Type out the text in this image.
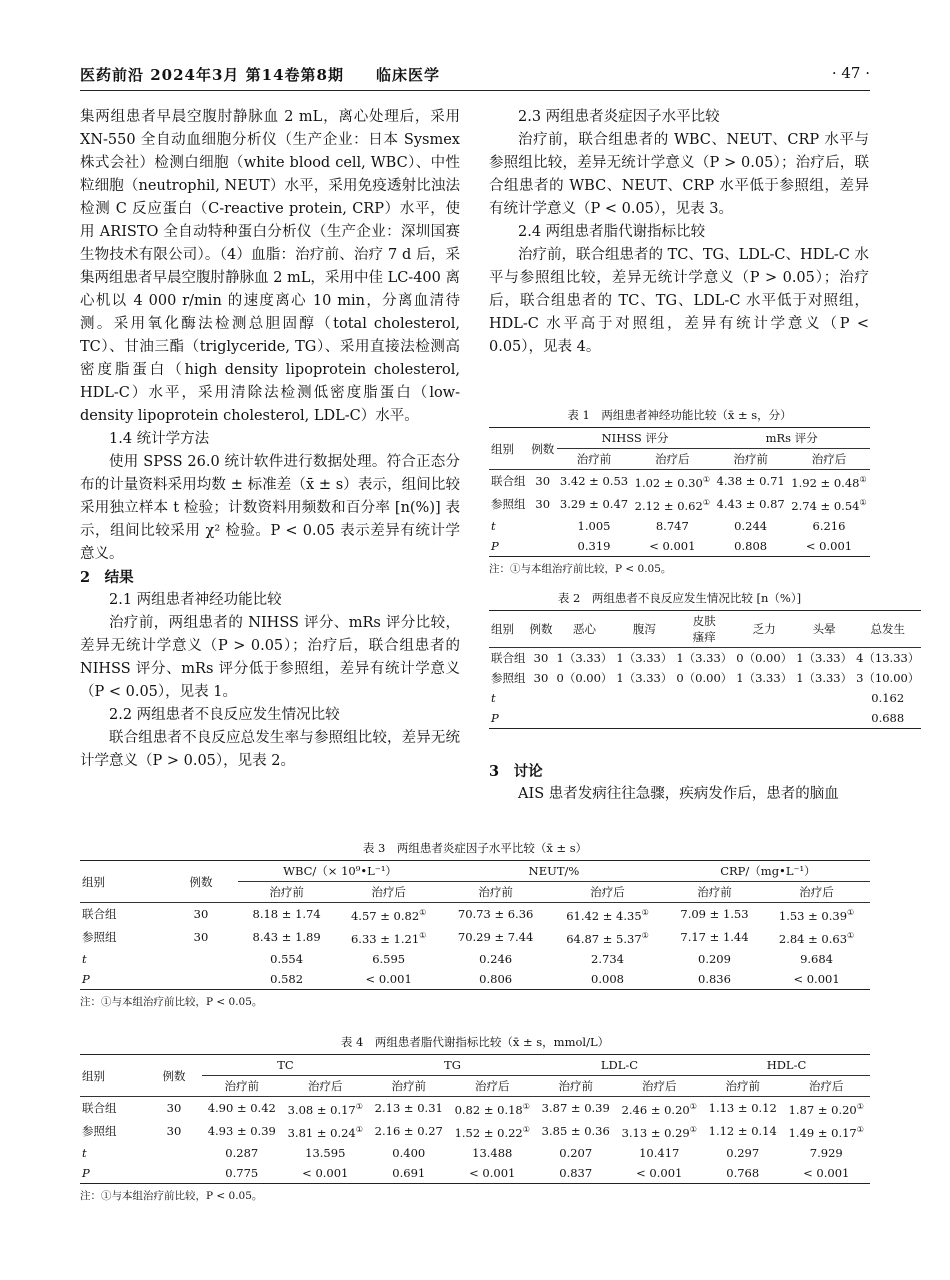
医药前沿 2024年3月 第14卷第8期　　临床医学	· 47 ·

集两组患者早晨空腹肘静脉血 2 mL，离心处理后，采用 XN-550 全自动血细胞分析仪（生产企业：日本 Sysmex 株式会社）检测白细胞（white blood cell, WBC）、中性粒细胞（neutrophil, NEUT）水平，采用免疫透射比浊法检测 C 反应蛋白（C-reactive protein, CRP）水平，使用 ARISTO 全自动特种蛋白分析仪（生产企业：深圳国赛生物技术有限公司）。（4）血脂：治疗前、治疗 7 d 后，采集两组患者早晨空腹肘静脉血 2 mL，采用中佳 LC-400 离心机以 4 000 r/min 的速度离心 10 min，分离血清待测。采用氧化酶法检测总胆固醇（total cholesterol, TC）、甘油三酯（triglyceride, TG）、采用直接法检测高密度脂蛋白（high density lipoprotein cholesterol, HDL-C）水平，采用清除法检测低密度脂蛋白（low-density lipoprotein cholesterol, LDL-C）水平。

1.4 统计学方法

使用 SPSS 26.0 统计软件进行数据处理。符合正态分布的计量资料采用均数 ± 标准差（x̄ ± s）表示，组间比较采用独立样本 t 检验；计数资料用频数和百分率 [n(%)] 表示，组间比较采用 χ² 检验。P < 0.05 表示差异有统计学意义。

2　结果

2.1 两组患者神经功能比较

治疗前，两组患者的 NIHSS 评分、mRs 评分比较，差异无统计学意义（P > 0.05）；治疗后，联合组患者的 NIHSS 评分、mRs 评分低于参照组，差异有统计学意义（P < 0.05），见表 1。

2.2 两组患者不良反应发生情况比较

联合组患者不良反应总发生率与参照组比较，差异无统计学意义（P > 0.05），见表 2。

2.3 两组患者炎症因子水平比较

治疗前，联合组患者的 WBC、NEUT、CRP 水平与参照组比较，差异无统计学意义（P > 0.05）；治疗后，联合组患者的 WBC、NEUT、CRP 水平低于参照组，差异有统计学意义（P < 0.05），见表 3。

2.4 两组患者脂代谢指标比较

治疗前，联合组患者的 TC、TG、LDL-C、HDL-C 水平与参照组比较，差异无统计学意义（P > 0.05）；治疗后，联合组患者的 TC、TG、LDL-C 水平低于对照组，HDL-C 水平高于对照组，差异有统计学意义（P < 0.05），见表 4。

表 1　两组患者神经功能比较（x̄ ± s，分）

组别	例数	NIHSS 评分		mRs 评分	
		治疗前	治疗后	治疗前	治疗后
联合组	30	3.42 ± 0.53	1.02 ± 0.30①	4.38 ± 0.71	1.92 ± 0.48①
参照组	30	3.29 ± 0.47	2.12 ± 0.62①	4.43 ± 0.87	2.74 ± 0.54①
t		1.005	8.747	0.244	6.216
P		0.319	< 0.001	0.808	< 0.001
注：①与本组治疗前比较，P < 0.05。

表 2　两组患者不良反应发生情况比较 [n（%）]

组别	例数	恶心	腹泻	皮肤
瘙痒	乏力	头晕	总发生
联合组	30	1（3.33）	1（3.33）	1（3.33）	0（0.00）	1（3.33）	4（13.33）
参照组	30	0（0.00）	1（3.33）	0（0.00）	1（3.33）	1（3.33）	3（10.00）
t							0.162
P							0.688

3　讨论

AIS 患者发病往往急骤，疾病发作后，患者的脑血

表 3　两组患者炎症因子水平比较（x̄ ± s）

组别	例数	WBC/（× 10⁹•L⁻¹）		NEUT/%		CRP/（mg•L⁻¹）	
		治疗前	治疗后	治疗前	治疗后	治疗前	治疗后
联合组	30	8.18 ± 1.74	4.57 ± 0.82①	70.73 ± 6.36	61.42 ± 4.35①	7.09 ± 1.53	1.53 ± 0.39①
参照组	30	8.43 ± 1.89	6.33 ± 1.21①	70.29 ± 7.44	64.87 ± 5.37①	7.17 ± 1.44	2.84 ± 0.63①
t		0.554	6.595	0.246	2.734	0.209	9.684
P		0.582	< 0.001	0.806	0.008	0.836	< 0.001
注：①与本组治疗前比较，P < 0.05。

表 4　两组患者脂代谢指标比较（x̄ ± s，mmol/L）

组别	例数	TC		TG		LDL-C		HDL-C	
		治疗前	治疗后	治疗前	治疗后	治疗前	治疗后	治疗前	治疗后
联合组	30	4.90 ± 0.42	3.08 ± 0.17①	2.13 ± 0.31	0.82 ± 0.18①	3.87 ± 0.39	2.46 ± 0.20①	1.13 ± 0.12	1.87 ± 0.20①
参照组	30	4.93 ± 0.39	3.81 ± 0.24①	2.16 ± 0.27	1.52 ± 0.22①	3.85 ± 0.36	3.13 ± 0.29①	1.12 ± 0.14	1.49 ± 0.17①
t		0.287	13.595	0.400	13.488	0.207	10.417	0.297	7.929
P		0.775	< 0.001	0.691	< 0.001	0.837	< 0.001	0.768	< 0.001
注：①与本组治疗前比较，P < 0.05。
